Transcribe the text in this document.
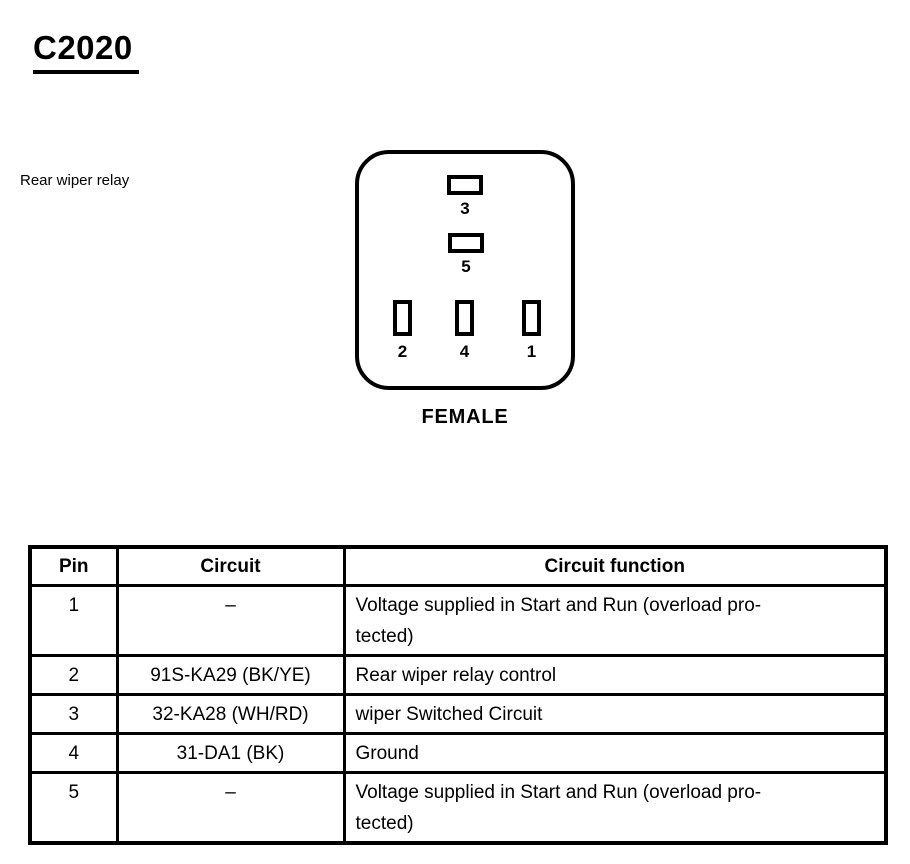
C2020
Rear wiper relay
3
5
2	4	1
FEMALE
Pin	Circuit	Circuit function
1	–	Voltage supplied in Start and Run (overload pro-
tected)

2	91S-KA29 (BK/YE)	Rear wiper relay control

3	32-KA28 (WH/RD)	wiper Switched Circuit

4	31-DA1 (BK)	Ground

5	–	Voltage supplied in Start and Run (overload pro-
tected)
